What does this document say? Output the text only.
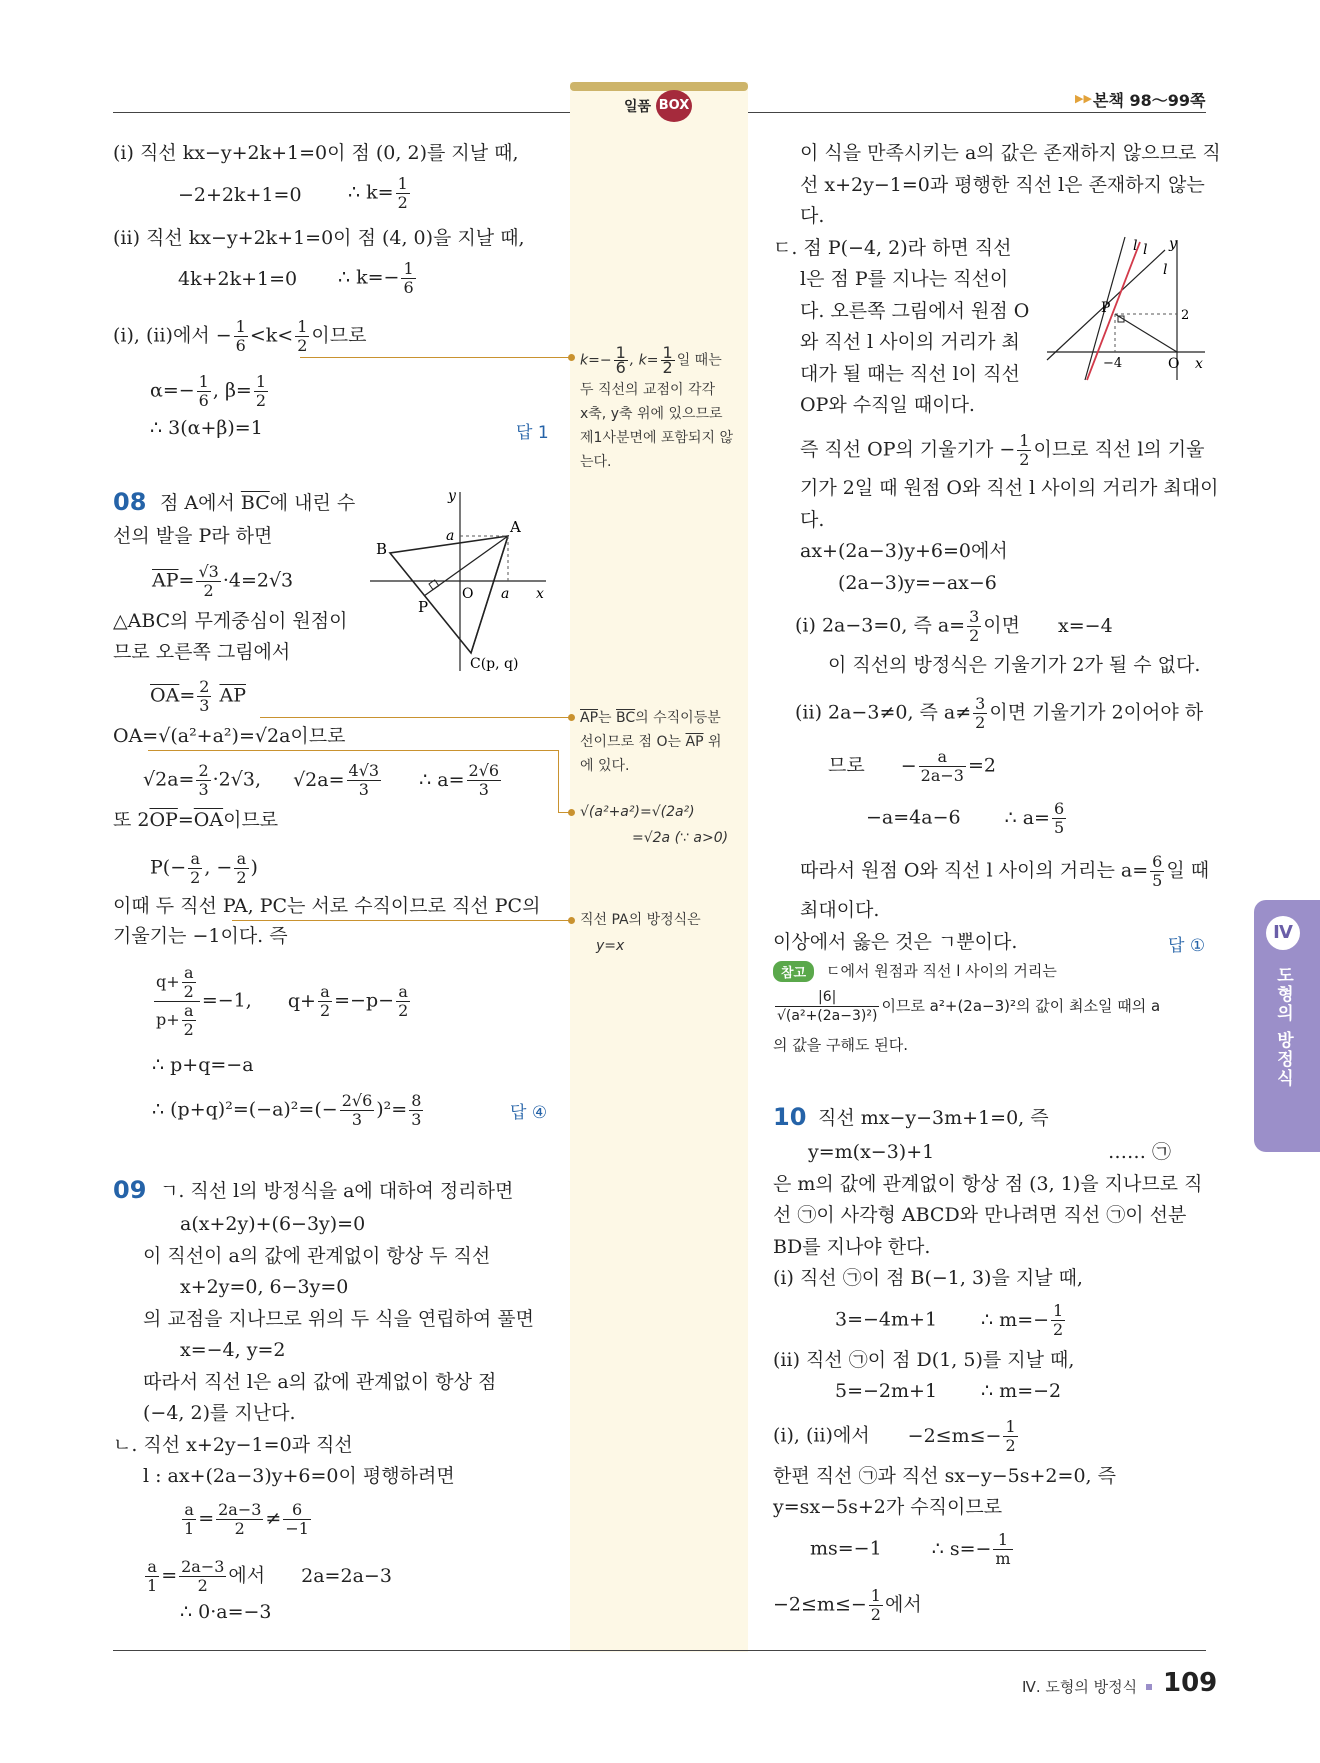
일품 BOX	▶▶ 본책 98～99쪽
(ⅰ) 직선 kx−y+2k+1=0이 점 (0, 2)를 지날 때,
−2+2k+1=0 ∴ $k= \frac{1}{2}$
(ⅱ) 직선 kx−y+2k+1=0이 점 (4, 0)을 지날 때,
4k+2k+1=0 ∴ $k=- \frac{1}{6}$
(ⅰ), (ⅱ)에서 − $\frac{1}{6} <k< \frac{1}{2}$ 이므로
$\alpha=- \frac{1}{6}$ , $\beta= \frac{1}{2}$
∴ 3(α+β)=1	답 1
08 점 A에서 $\overline{BC}$에 내린 수
선의 발을 P라 하면
$\overline{AP}= \frac{√3}{2} \cdot 4=2√3$
△ABC의 무게중심이 원점이
므로 오른쪽 그림에서
$\overline{OA}= \frac{2}{3} \overline{AP}$
OA=√(a²+a²)=√2a이므로
$√2a= \frac{2}{3} \cdot 2√3$, $√2a= \frac{4√3}{3}$ ∴ $a= \frac{2√6}{3}$
또 $2\overline{OP}=\overline{OA}$이므로
$P(- \frac{a}{2}$ , − $\frac{a}{2}$ )
이때 두 직선 PA, PC는 서로 수직이므로 직선 PC의
기울기는 −1이다. 즉
$\frac{q+ \frac{a}{2}}{p+ \frac{a}{2}} =-1$, $q+ \frac{a}{2} =-p- \frac{a}{2}$
∴ p+q=−a
∴ $(p+q)^2=(-a)^2=(- \frac{2√6}{3} )^2= \frac{8}{3}$	답 ④
y
a	A
B
O a x
P
C(p, q)
09 ㄱ. 직선 l의 방정식을 a에 대하여 정리하면
a(x+2y)+(6−3y)=0
이 직선이 a의 값에 관계없이 항상 두 직선
x+2y=0, 6−3y=0
의 교점을 지나므로 위의 두 식을 연립하여 풀면
x=−4, y=2
따라서 직선 l은 a의 값에 관계없이 항상 점
(−4, 2)를 지난다.
ㄴ. 직선 x+2y−1=0과 직선
l : ax+(2a−3)y+6=0이 평행하려면
$\frac{a}{1} = \frac{2a-3}{2} \ne \frac{6}{-1}$
$\frac{a}{1} = \frac{2a-3}{2}$ 에서 2a=2a−3
∴ 0·a=−3
$k=- \frac{1}{6}$ , $k= \frac{1}{2}$ 일 때는
두 직선의 교점이 각각
x축, y축 위에 있으므로
제1사분면에 포함되지 않
는다.
$\overline{AP}$는 $\overline{BC}$의 수직이등분
선이므로 점 O는 $\overline{AP}$ 위
에 있다.
√(a²+a²)=√(2a²)
=√2a (∵ a>0)
직선 PA의 방정식은
y=x
이 식을 만족시키는 a의 값은 존재하지 않으므로 직
선 x+2y−1=0과 평행한 직선 l은 존재하지 않는
다.
ㄷ. 점 P(−4, 2)라 하면 직선
l은 점 P를 지나는 직선이
다. 오른쪽 그림에서 원점 O
와 직선 l 사이의 거리가 최
대가 될 때는 직선 l이 직선
OP와 수직일 때이다.
l l y
l
P	2
−4	O x
즉 직선 OP의 기울기가 − $\frac{1}{2}$ 이므로 직선 l의 기울
기가 2일 때 원점 O와 직선 l 사이의 거리가 최대이
다.
ax+(2a−3)y+6=0에서
(2a−3)y=−ax−6
(ⅰ) 2a−3=0, 즉 $a= \frac{3}{2}$ 이면 x=−4
이 직선의 방정식은 기울기가 2가 될 수 없다.
(ⅱ) 2a−3≠0, 즉 $a\ne \frac{3}{2}$ 이면 기울기가 2이어야 하
므로 − $\frac{a}{2a-3} =2$
−a=4a−6 ∴ $a= \frac{6}{5}$
따라서 원점 O와 직선 l 사이의 거리는 $a= \frac{6}{5}$ 일 때
최대이다.
이상에서 옳은 것은 ㄱ뿐이다.	답 ①
참고	ㄷ에서 원점과 직선 l 사이의 거리는
$\frac{|6|}{\text{√(a²+(2a−3)²)}}$ 이므로 a²+(2a−3)²의 값이 최소일 때의 a
의 값을 구해도 된다.
10 직선 mx−y−3m+1=0, 즉
y=m(x−3)+1	…… ㉠
은 m의 값에 관계없이 항상 점 (3, 1)을 지나므로 직
선 ㉠이 사각형 ABCD와 만나려면 직선 ㉠이 선분
BD를 지나야 한다.
(ⅰ) 직선 ㉠이 점 B(−1, 3)을 지날 때,
3=−4m+1 ∴ $m=- \frac{1}{2}$
(ⅱ) 직선 ㉠이 점 D(1, 5)를 지날 때,
5=−2m+1 ∴ m=−2
(ⅰ), (ⅱ)에서 $-2\le m\le- \frac{1}{2}$
한편 직선 ㉠과 직선 sx−y−5s+2=0, 즉
y=sx−5s+2가 수직이므로
ms=−1	∴ $s=- \frac{1}{m}$
$-2\le m\le- \frac{1}{2}$ 에서
Ⅳ
도형의 방정식
Ⅳ. 도형의 방정식 109
